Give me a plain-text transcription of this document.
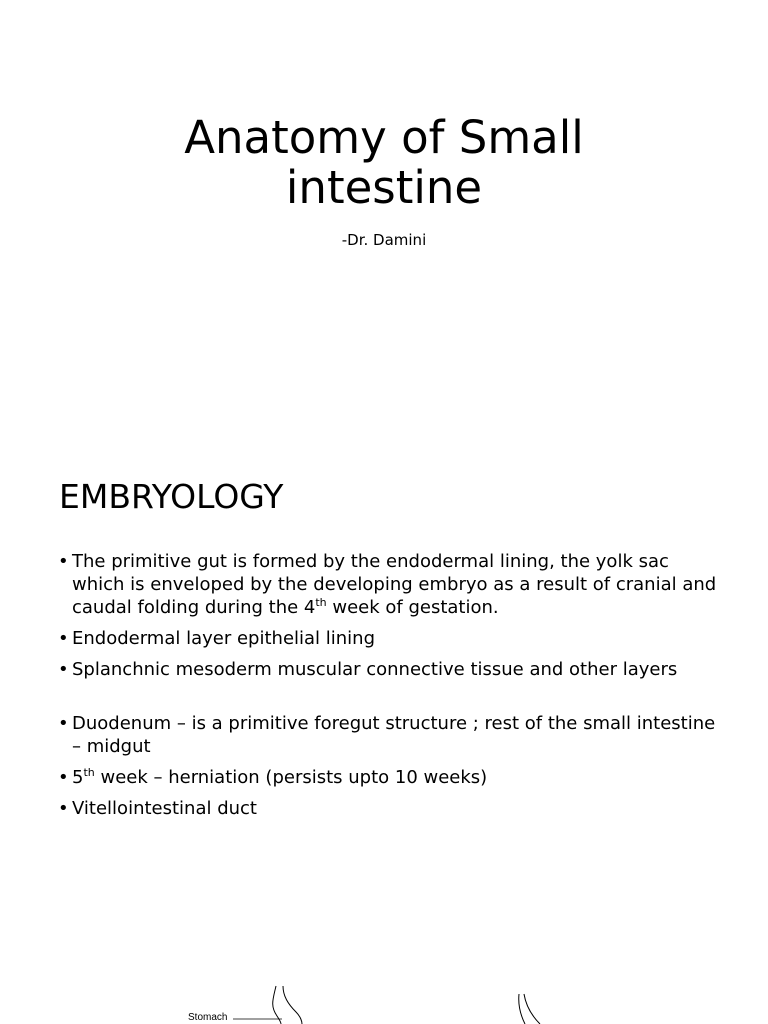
Anatomy of Small
intestine
-Dr. Damini
EMBRYOLOGY
• The primitive gut is formed by the endodermal lining, the yolk sac which is enveloped by the developing embryo as a result of cranial and caudal folding during the 4th week of gestation.
• Endodermal layer epithelial lining
• Splanchnic mesoderm muscular connective tissue and other layers
• Duodenum – is a primitive foregut structure ; rest of the small intestine – midgut
• 5th week – herniation (persists upto 10 weeks)
• Vitellointestinal duct
Stomach
